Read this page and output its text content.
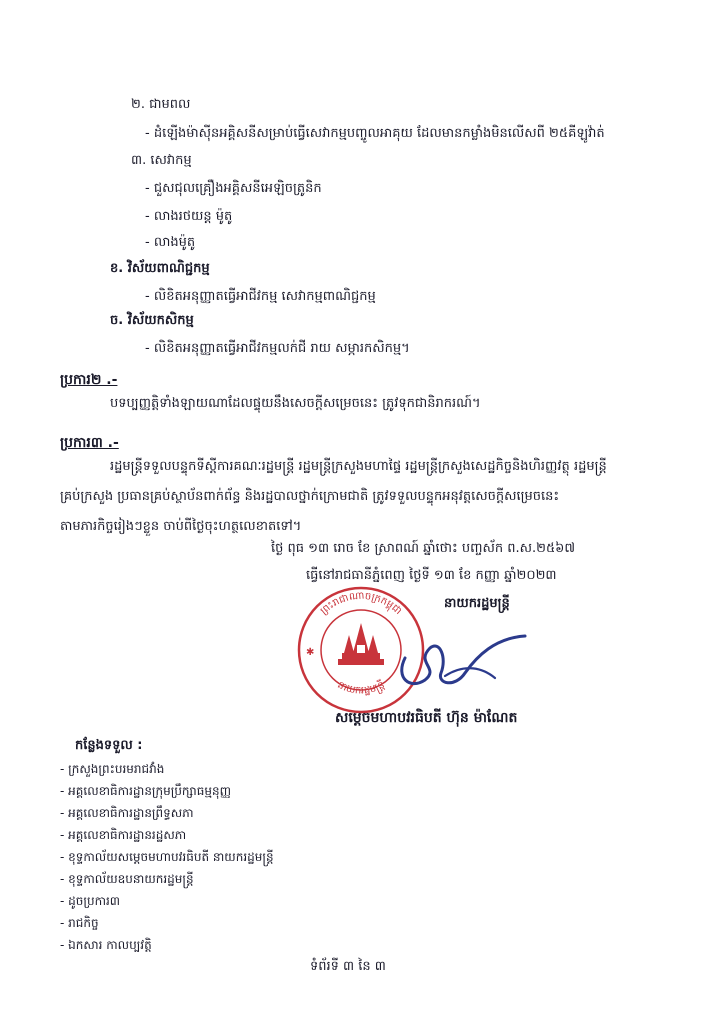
២. ជាមពល
- ដំឡើងម៉ាស៊ីនអគ្គិសនីសម្រាប់ធ្វើសេវាកម្មបញ្ចូលអាគុយ ដែលមានកម្លាំងមិនលើសពី ២៥គីឡូវ៉ាត់
៣. សេវាកម្ម
- ជួសជុលគ្រឿងអគ្គិសនីអេឡិចត្រូនិក
- លាងរថយន្ត ម៉ូតូ
- លាងម៉ូតូ
ខ. វិស័យពាណិជ្ជកម្ម
- លិខិតអនុញ្ញាតធ្វើអាជីវកម្ម សេវាកម្មពាណិជ្ជកម្ម
ច. វិស័យកសិកម្ម
- លិខិតអនុញ្ញាតធ្វើអាជីវកម្មលក់ជី រាយ សម្ភារកសិកម្ម។
ប្រការ២ .-
បទប្បញ្ញត្តិទាំងឡាយណាដែលផ្ទុយនឹងសេចក្តីសម្រេចនេះ ត្រូវទុកជានិរាករណ៍។
ប្រការ៣ .-
រដ្ឋមន្ត្រីទទួលបន្ទុកទីស្តីការគណៈរដ្ឋមន្ត្រី រដ្ឋមន្ត្រីក្រសួងមហាផ្ទៃ រដ្ឋមន្ត្រីក្រសួងសេដ្ឋកិច្ចនិងហិរញ្ញវត្ថុ រដ្ឋមន្ត្រី
គ្រប់ក្រសួង ប្រធានគ្រប់ស្ថាប័នពាក់ព័ន្ធ និងរដ្ឋបាលថ្នាក់ក្រោមជាតិ ត្រូវទទួលបន្ទុកអនុវត្តសេចក្តីសម្រេចនេះ
តាមភារកិច្ចរៀងៗខ្លួន ចាប់ពីថ្ងៃចុះហត្ថលេខាតទៅ។
ថ្ងៃ ពុធ ១៣ រោច ខែ ស្រាពណ៍ ឆ្នាំថោះ បញ្ចស័ក ព.ស.២៥៦៧
ធ្វើនៅរាជធានីភ្នំពេញ ថ្ងៃទី ១៣ ខែ កញ្ញា ឆ្នាំ២០២៣
នាយករដ្ឋមន្ត្រី
ព្រះរាជាណាចក្រកម្ពុជា
នាយករដ្ឋមន្ត្រី
✱
សម្តេចមហាបវរធិបតី ហ៊ុន ម៉ាណែត
កន្លែងទទួល :
- ក្រសួងព្រះបរមរាជវាំង
- អគ្គលេខាធិការដ្ឋានក្រុមប្រឹក្សាធម្មនុញ្ញ
- អគ្គលេខាធិការដ្ឋានព្រឹទ្ធសភា
- អគ្គលេខាធិការដ្ឋានរដ្ឋសភា
- ខុទ្ទកាល័យសម្តេចមហាបវរធិបតី នាយករដ្ឋមន្ត្រី
- ខុទ្ទកាល័យឧបនាយករដ្ឋមន្ត្រី
- ដូចប្រការ៣
- រាជកិច្ច
- ឯកសារ កាលប្បវត្តិ
ទំព័រទី ៣ នៃ ៣
